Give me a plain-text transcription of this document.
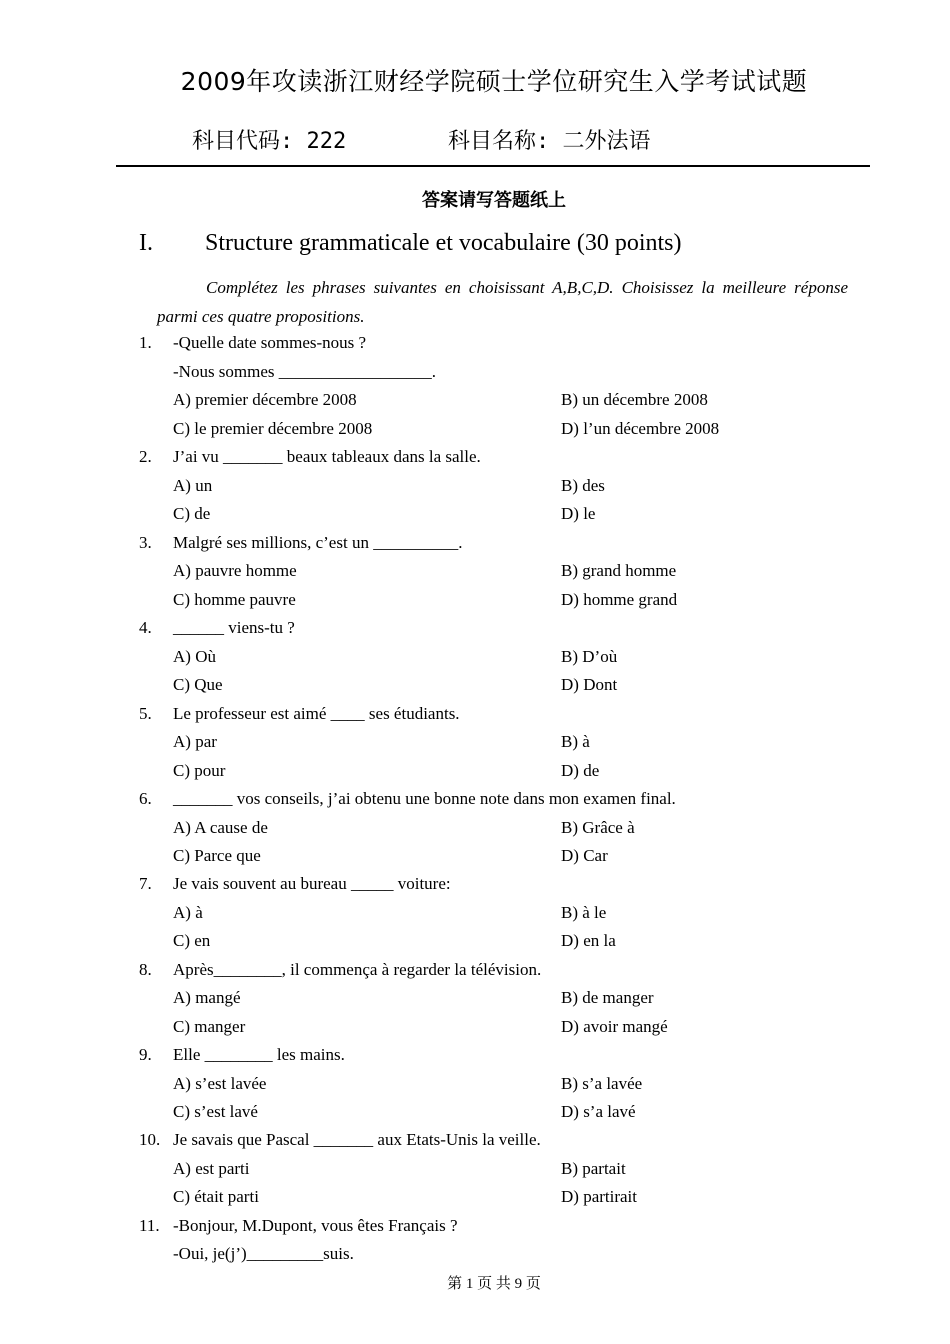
2009年攻读浙江财经学院硕士学位研究生入学考试试题
科目代码: 222	科目名称: 二外法语
答案请写答题纸上
I. Structure grammaticale et vocabulaire (30 points)
Complétez les phrases suivantes en choisissant A,B,C,D. Choisissez la meilleure réponse parmi ces quatre propositions.
1. -Quelle date sommes-nous ?
-Nous sommes __________________.
A) premier décembre 2008	B) un décembre 2008
C) le premier décembre 2008	D) l’un décembre 2008
2. J’ai vu _______ beaux tableaux dans la salle.
A) un	B) des
C) de	D) le
3. Malgré ses millions, c’est un __________.
A) pauvre homme	B) grand homme
C) homme pauvre	D) homme grand
4. ______ viens-tu ?
A) Où	B) D’où
C) Que	D) Dont
5. Le professeur est aimé ____ ses étudiants.
A) par	B) à
C) pour	D) de
6. _______ vos conseils, j’ai obtenu une bonne note dans mon examen final.
A) A cause de	B) Grâce à
C) Parce que	D) Car
7. Je vais souvent au bureau _____ voiture:
A) à	B) à le
C) en	D) en la
8. Après________, il commença à regarder la télévision.
A) mangé	B) de manger
C) manger	D) avoir mangé
9. Elle ________ les mains.
A) s’est lavée	B) s’a lavée
C) s’est lavé	D) s’a lavé
10. Je savais que Pascal _______ aux Etats-Unis la veille.
A) est parti	B) partait
C) était parti	D) partirait
11. -Bonjour, M.Dupont, vous êtes Français ?
-Oui, je(j’)_________suis.
第 1 页 共 9 页
